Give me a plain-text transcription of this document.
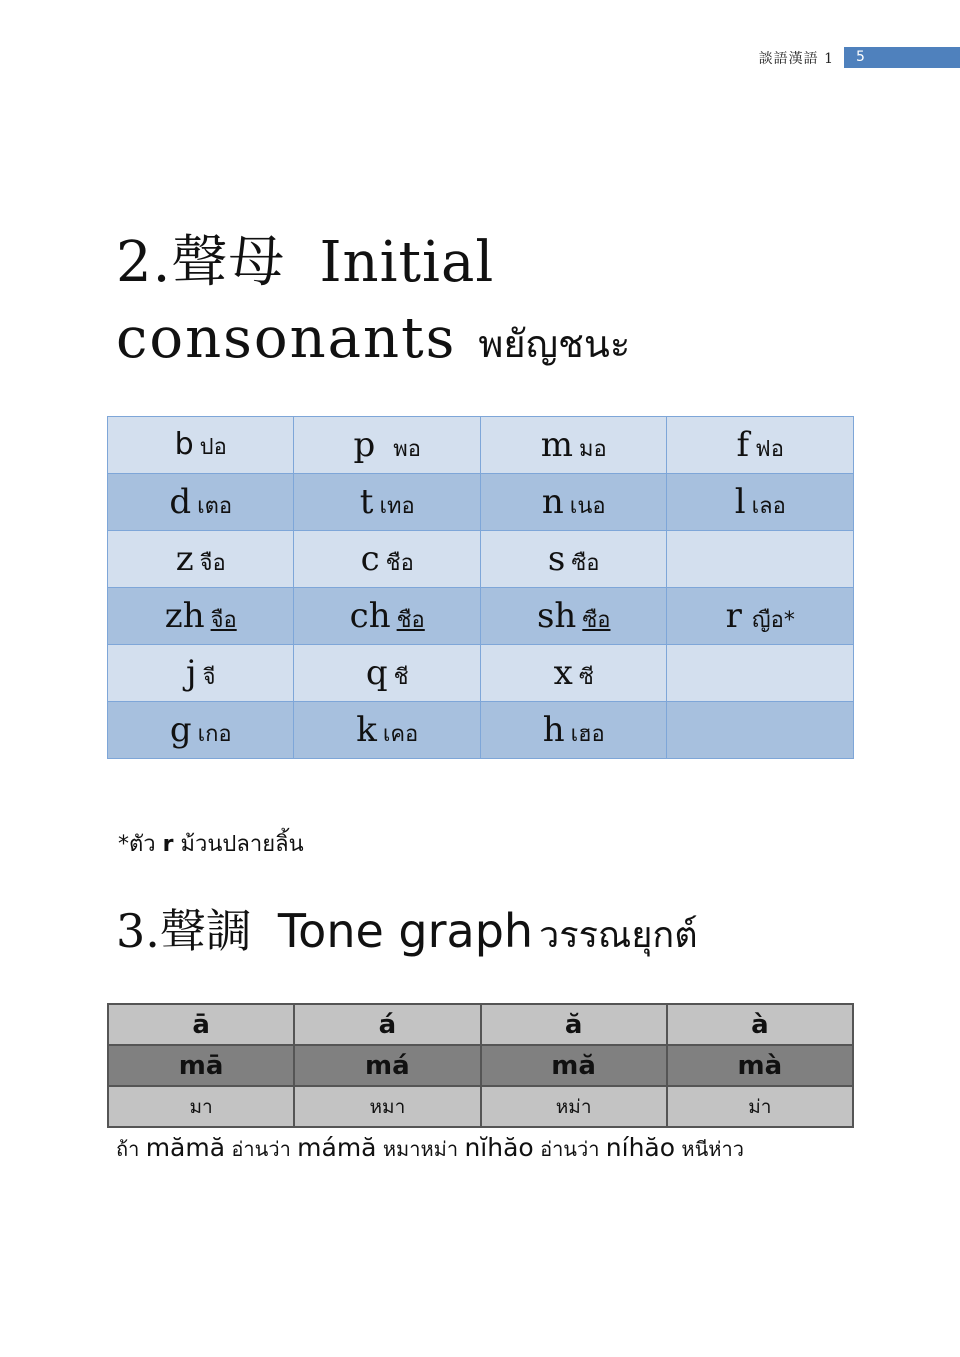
談語漢語 1 5
2.聲母 Initial
consonants พยัญชนะ
b ปอ	p พอ	m มอ	f ฟอ
d เตอ	t เทอ	n เนอ	l เลอ
z จือ	c ชือ	s ซือ	
zh จือ	ch ชือ	sh ซือ	r ญือ*
j จี	q ชี	x ซี	
g เกอ	k เคอ	h เฮอ	
*ตัว r ม้วนปลายลิ้น
3.聲調 Tone graph วรรณยุกต์
ā	á	ă	à
mā	má	mă	mà
มา	หมา	หม่า	ม่า
ถ้า mămă อ่านว่า mámă หมาหม่า nĭhăo อ่านว่า níhăo หนีห่าว
